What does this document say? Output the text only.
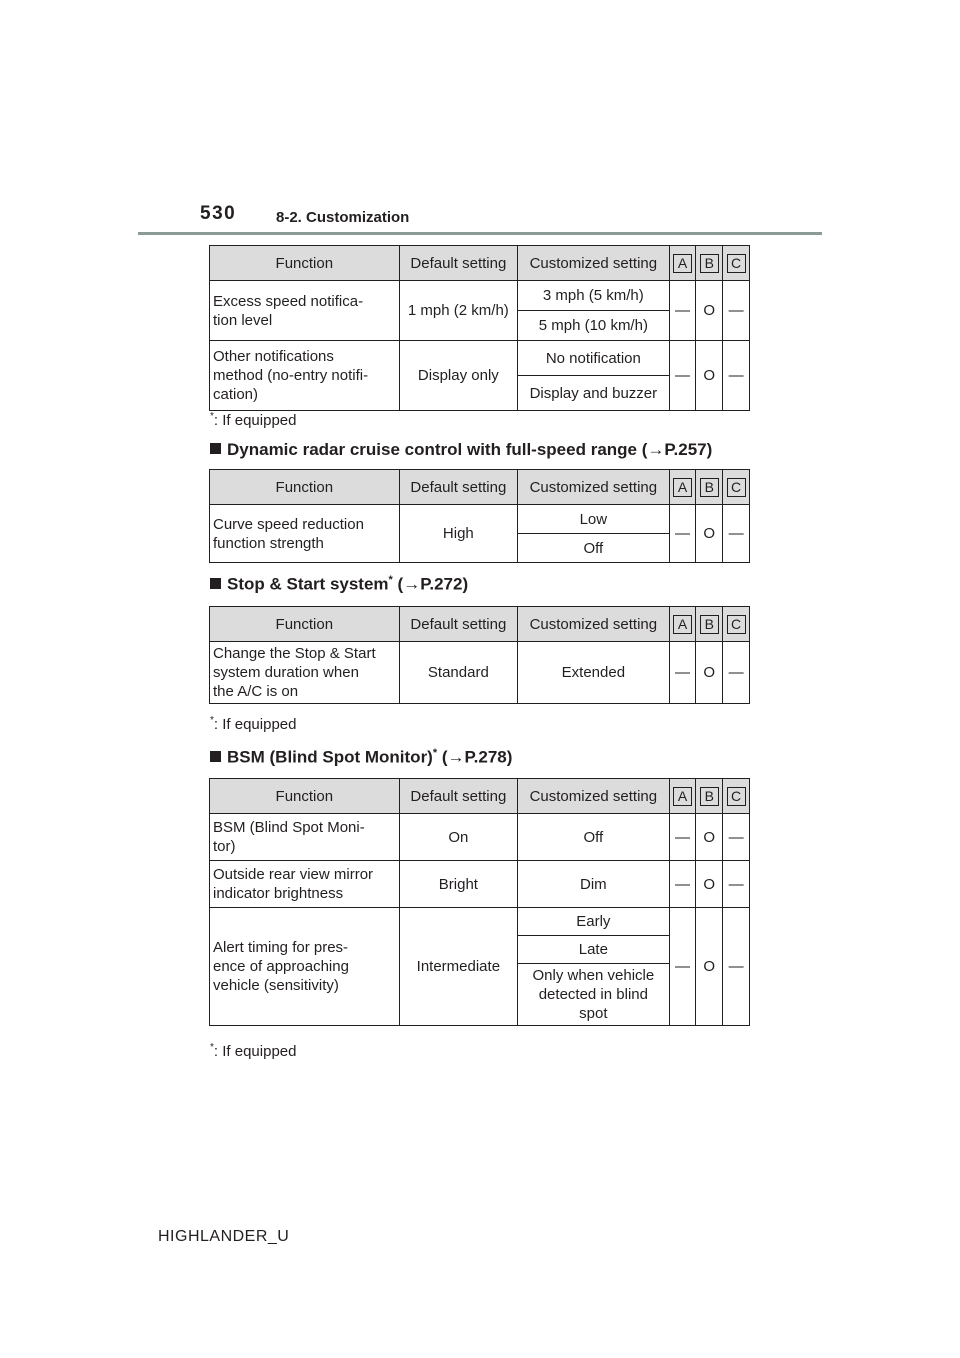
530	8-2. Customization
Function	Default setting	Customized setting	A	B	C
Excess speed notifica-
tion level	1 mph (2 km/h)	3 mph (5 km/h)	—	O	—
		5 mph (10 km/h)			
Other notifications
method (no-entry notifi-
cation)	Display only	No notification	—	O	—
		Display and buzzer			
*: If equipped
Dynamic radar cruise control with full-speed range (→P.257)
Function	Default setting	Customized setting	A	B	C
Curve speed reduction
function strength	High	Low	—	O	—
		Off			
Stop & Start system* (→P.272)
Function	Default setting	Customized setting	A	B	C
Change the Stop & Start
system duration when
the A/C is on	Standard	Extended	—	O	—
*: If equipped
BSM (Blind Spot Monitor)* (→P.278)
Function	Default setting	Customized setting	A	B	C
BSM (Blind Spot Moni-
tor)	On	Off	—	O	—
Outside rear view mirror
indicator brightness	Bright	Dim	—	O	—
Alert timing for pres-
ence of approaching
vehicle (sensitivity)	Intermediate	Early	—	O	—
		Late			
		Only when vehicle
detected in blind
spot			
*: If equipped
HIGHLANDER_U
